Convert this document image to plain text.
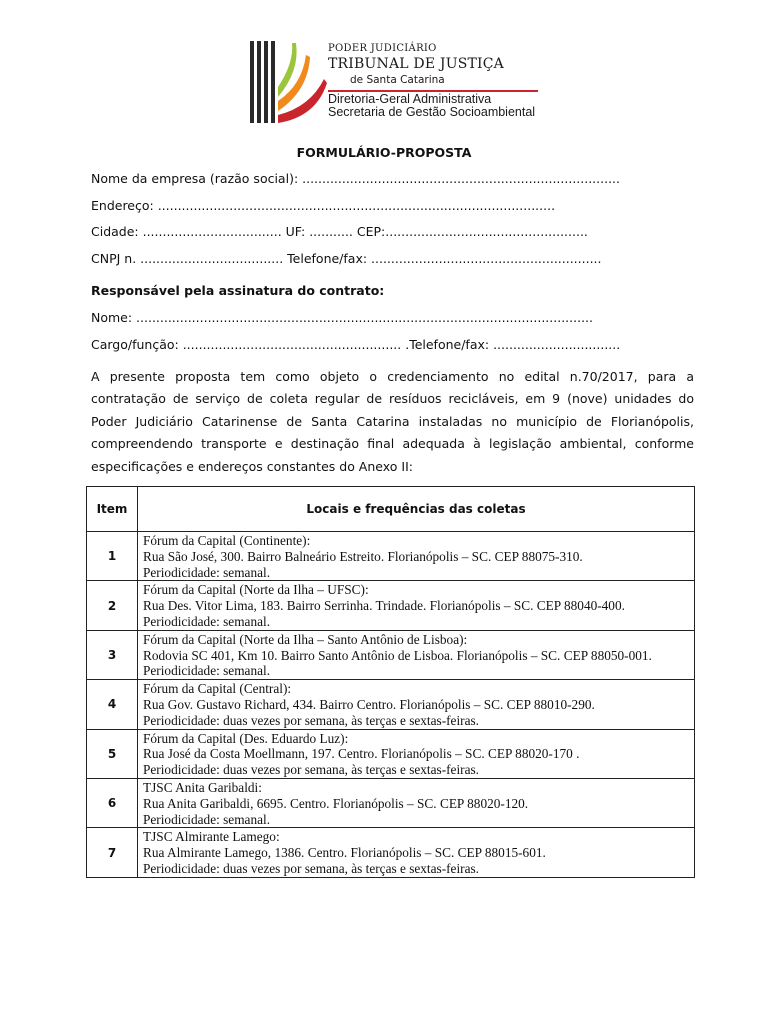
PODER JUDICIÁRIO
TRIBUNAL DE JUSTIÇA
de Santa Catarina
Diretoria-Geral Administrativa
Secretaria de Gestão Socioambiental
FORMULÁRIO-PROPOSTA
Nome da empresa (razão social): ................................................................................
Endereço: ....................................................................................................
Cidade: ................................... UF: ........... CEP:...................................................
CNPJ n. .................................... Telefone/fax: ..........................................................
Responsável pela assinatura do contrato:
Nome: ...................................................................................................................
Cargo/função: ....................................................... .Telefone/fax: ................................
A presente proposta tem como objeto o credenciamento no edital n.70/2017, para a contratação de serviço de coleta regular de resíduos recicláveis, em 9 (nove) unidades do Poder Judiciário Catarinense de Santa Catarina instaladas no município de Florianópolis, compreendendo transporte e destinação final adequada à legislação ambiental, conforme especificações e endereços constantes do Anexo II:
Item	Locais e frequências das coletas
1	Fórum da Capital (Continente):
Rua São José, 300. Bairro Balneário Estreito. Florianópolis – SC. CEP 88075-310.
Periodicidade: semanal.

2	Fórum da Capital (Norte da Ilha – UFSC):
Rua Des. Vitor Lima, 183. Bairro Serrinha. Trindade. Florianópolis – SC. CEP 88040-400.
Periodicidade: semanal.

3	Fórum da Capital (Norte da Ilha – Santo Antônio de Lisboa):
Rodovia SC 401, Km 10. Bairro Santo Antônio de Lisboa. Florianópolis – SC. CEP 88050-001.
Periodicidade: semanal.

4	Fórum da Capital (Central):
Rua Gov. Gustavo Richard, 434. Bairro Centro. Florianópolis – SC. CEP 88010-290.
Periodicidade: duas vezes por semana, às terças e sextas-feiras.

5	Fórum da Capital (Des. Eduardo Luz):
Rua José da Costa Moellmann, 197. Centro. Florianópolis – SC. CEP 88020-170 .
Periodicidade: duas vezes por semana, às terças e sextas-feiras.

6	TJSC Anita Garibaldi:
Rua Anita Garibaldi, 6695. Centro. Florianópolis – SC. CEP 88020-120.
Periodicidade: semanal.

7	TJSC Almirante Lamego:
Rua Almirante Lamego, 1386. Centro. Florianópolis – SC. CEP 88015-601.
Periodicidade: duas vezes por semana, às terças e sextas-feiras.
